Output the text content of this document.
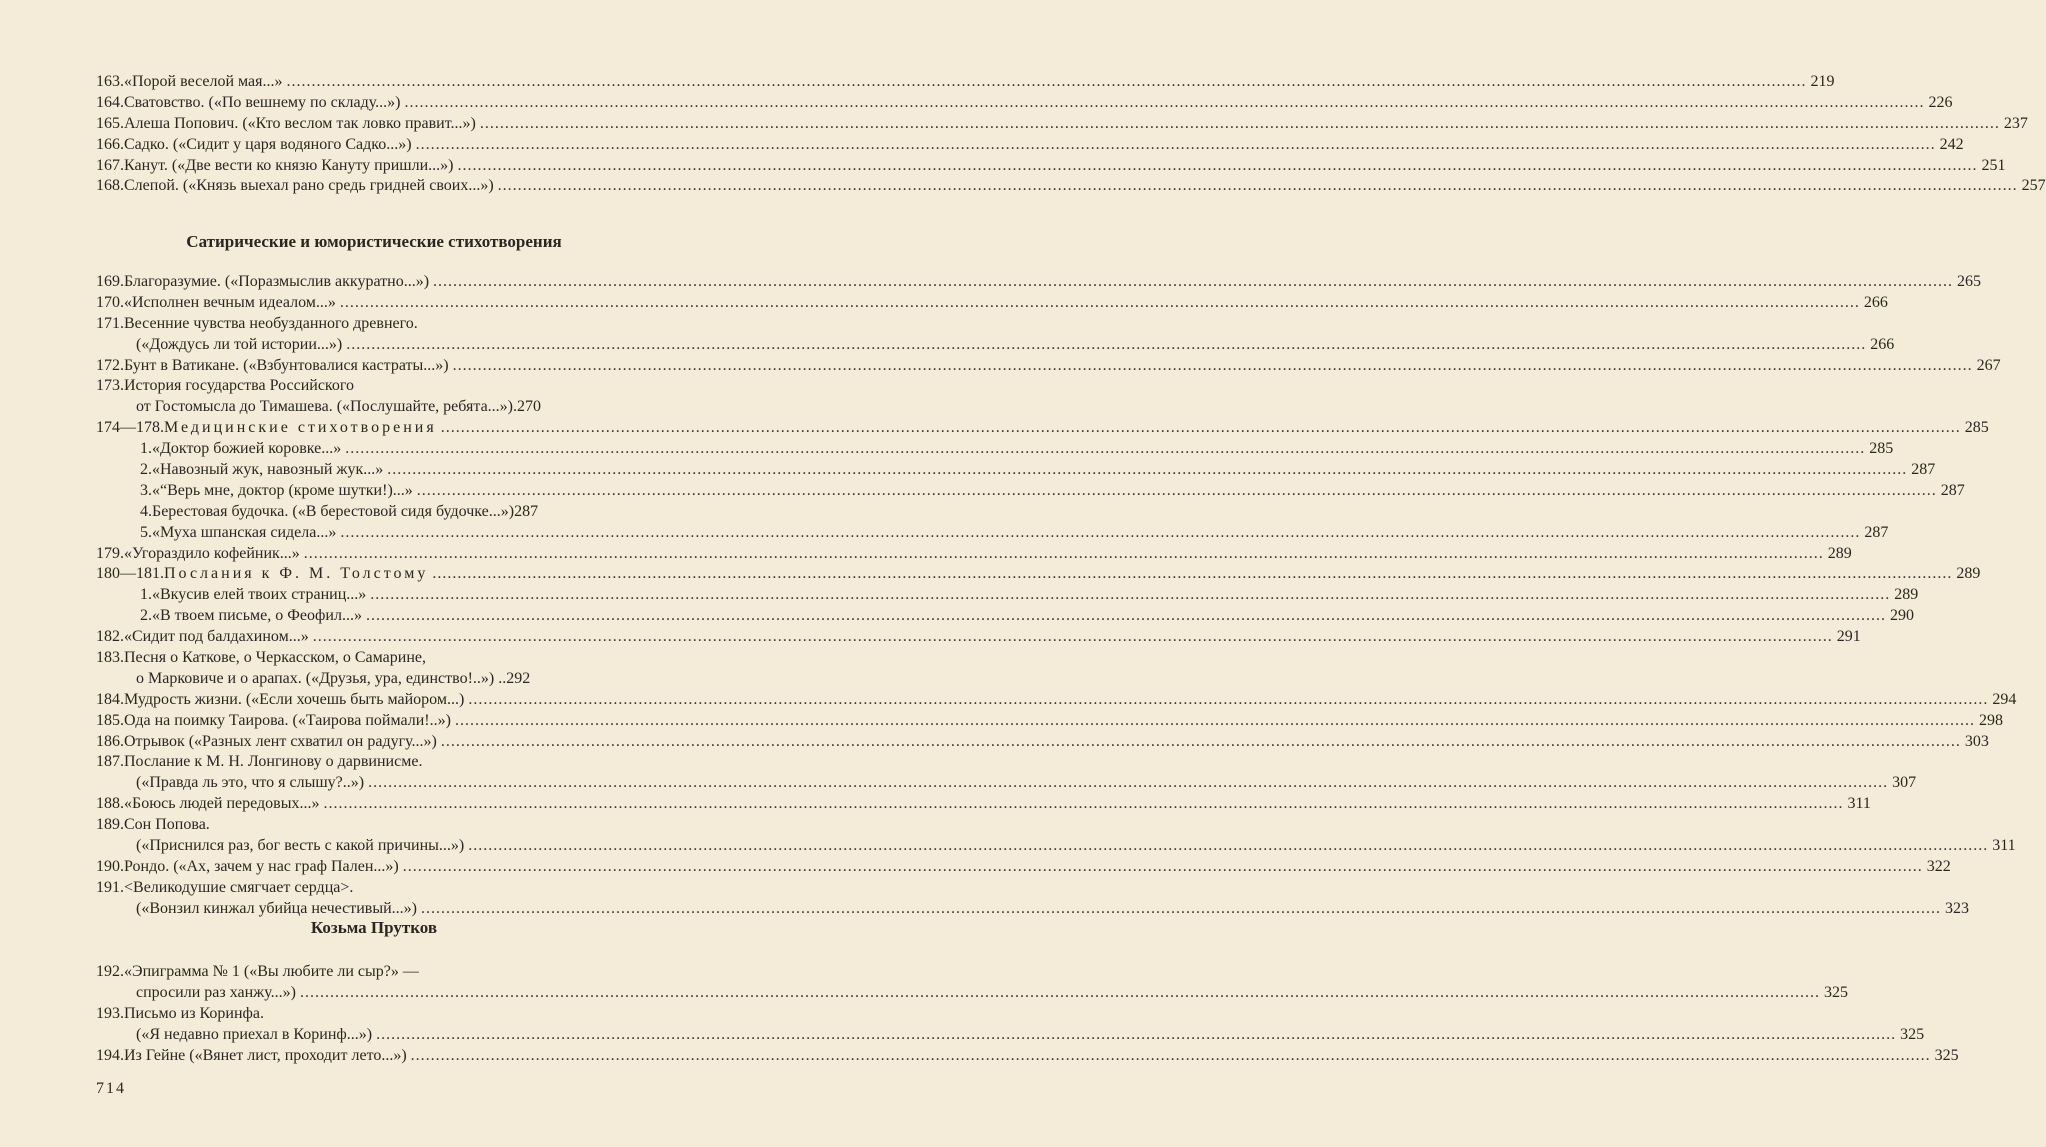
163. «Порой веселой мая...» .....	219
164. Сватовство. («По вешнему по складу...») .....	226
165. Алеша Попович. («Кто веслом так ловко правит...») .....	237
166. Садко. («Сидит у царя водяного Садко...») .....	242
167. Канут. («Две вести ко князю Кануту пришли...») .....	251
168. Слепой. («Князь выехал рано средь гридней своих...») .....	257
Сатирические и юмористические стихотворения
169. Благоразумие. («Поразмыслив аккуратно...») .....	265
170. «Исполнен вечным идеалом...» .....	266
171. Весенние чувства необузданного древнего.
(«Дождусь ли той истории...») .....	266
172. Бунт в Ватикане. («Взбунтовалися кастраты...») .....	267
173. История государства Российского
от Гостомысла до Тимашева. («Послушайте, ребята...»). 270
174—178. Медицинские стихотворения .....	285
1. «Доктор божией коровке...» .....	285
2. «Навозный жук, навозный жук...» .....	287
3. «“Верь мне, доктор (кроме шутки!)...» .....	287
4. Берестовая будочка. («В берестовой сидя будочке...») 287
5. «Муха шпанская сидела...» .....	287
179. «Угораздило кофейник...» .....	289
180—181. Послания к Ф. М. Толстому .....	289
1. «Вкусив елей твоих страниц...» .....	289
2. «В твоем письме, о Феофил...» .....	290
182. «Сидит под балдахином...» .....	291
183. Песня о Каткове, о Черкасском, о Самарине,
о Марковиче и о арапах. («Друзья, ура, единство!..») .. 292
184. Мудрость жизни. («Если хочешь быть майором...) .....	294
185. Ода на поимку Таирова. («Таирова поймали!..») .....	298
186. Отрывок («Разных лент схватил он радугу...») .....	303
187. Послание к М. Н. Лонгинову о дарвинисме.
(«Правда ль это, что я слышу?..») .....	307
188. «Боюсь людей передовых...» .....	311
189. Сон Попова.
(«Приснился раз, бог весть с какой причины...») .....	311
190. Рондо. («Ах, зачем у нас граф Пален...») .....	322
191. <Великодушие смягчает сердца>.
(«Вонзил кинжал убийца нечестивый...») .....	323
Козьма Прутков
192. «Эпиграмма № 1 («Вы любите ли сыр?» —
спросили раз ханжу...») .....	325
193. Письмо из Коринфа.
(«Я недавно приехал в Коринф...») .....	325
194. Из Гейне («Вянет лист, проходит лето...») .....	325
714
